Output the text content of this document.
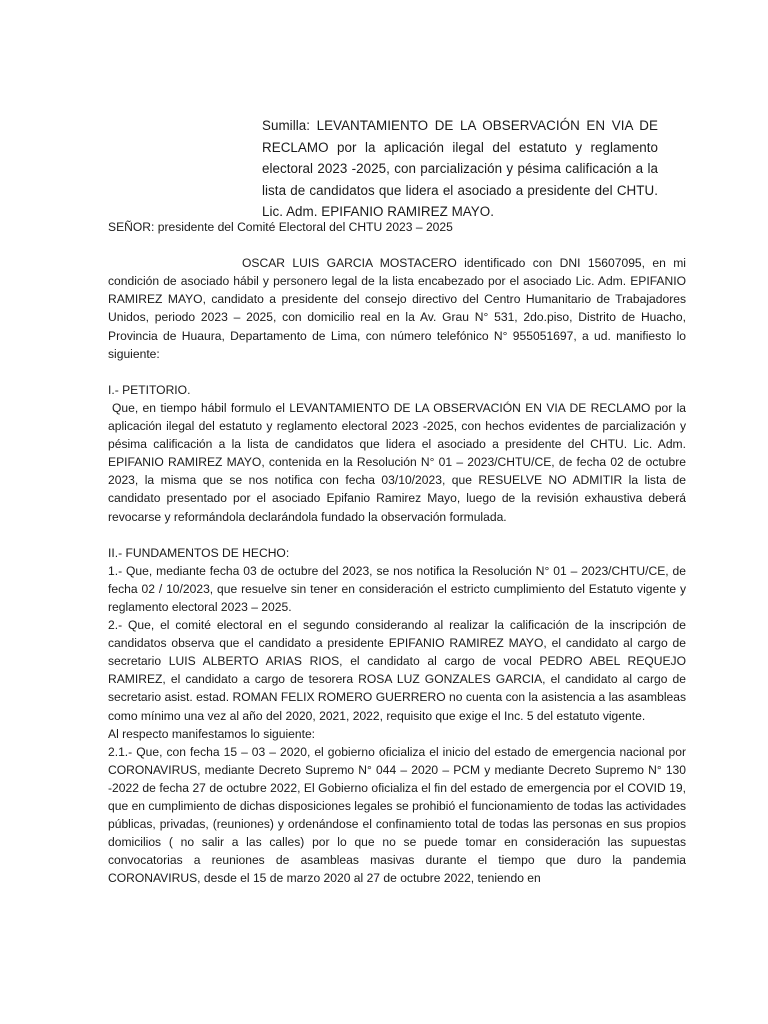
Sumilla: LEVANTAMIENTO DE LA OBSERVACIÓN EN VIA DE RECLAMO por la aplicación ilegal del estatuto y reglamento electoral 2023 -2025, con parcialización y pésima calificación a la lista de candidatos que lidera el asociado a presidente del CHTU. Lic. Adm. EPIFANIO RAMIREZ MAYO.

SEÑOR: presidente del Comité Electoral del CHTU 2023 – 2025

OSCAR LUIS GARCIA MOSTACERO identificado con DNI 15607095, en mi condición de asociado hábil y personero legal de la lista encabezado por el asociado Lic. Adm. EPIFANIO RAMIREZ MAYO, candidato a presidente del consejo directivo del Centro Humanitario de Trabajadores Unidos, periodo 2023 – 2025, con domicilio real en la Av. Grau N° 531, 2do.piso, Distrito de Huacho, Provincia de Huaura, Departamento de Lima, con número telefónico N° 955051697, a ud. manifiesto lo siguiente:

I.- PETITORIO.

Que, en tiempo hábil formulo el LEVANTAMIENTO DE LA OBSERVACIÓN EN VIA DE RECLAMO por la aplicación ilegal del estatuto y reglamento electoral 2023 -2025, con hechos evidentes de parcialización y pésima calificación a la lista de candidatos que lidera el asociado a presidente del CHTU. Lic. Adm. EPIFANIO RAMIREZ MAYO, contenida en la Resolución N° 01 – 2023/CHTU/CE, de fecha 02 de octubre 2023, la misma que se nos notifica con fecha 03/10/2023, que RESUELVE NO ADMITIR la lista de candidato presentado por el asociado Epifanio Ramirez Mayo, luego de la revisión exhaustiva deberá revocarse y reformándola declarándola fundado la observación formulada.

II.- FUNDAMENTOS DE HECHO:

1.- Que, mediante fecha 03 de octubre del 2023, se nos notifica la Resolución N° 01 – 2023/CHTU/CE, de fecha 02 / 10/2023, que resuelve sin tener en consideración el estricto cumplimiento del Estatuto vigente y reglamento electoral 2023 – 2025.

2.- Que, el comité electoral en el segundo considerando al realizar la calificación de la inscripción de candidatos observa que el candidato a presidente EPIFANIO RAMIREZ MAYO, el candidato al cargo de secretario LUIS ALBERTO ARIAS RIOS, el candidato al cargo de vocal PEDRO ABEL REQUEJO RAMIREZ, el candidato a cargo de tesorera ROSA LUZ GONZALES GARCIA, el candidato al cargo de secretario asist. estad. ROMAN FELIX ROMERO GUERRERO no cuenta con la asistencia a las asambleas como mínimo una vez al año del 2020, 2021, 2022, requisito que exige el Inc. 5 del estatuto vigente.

Al respecto manifestamos lo siguiente:

2.1.- Que, con fecha 15 – 03 – 2020, el gobierno oficializa el inicio del estado de emergencia nacional por CORONAVIRUS, mediante Decreto Supremo N° 044 – 2020 – PCM y mediante Decreto Supremo N° 130 -2022 de fecha 27 de octubre 2022, El Gobierno oficializa el fin del estado de emergencia por el COVID 19, que en cumplimiento de dichas disposiciones legales se prohibió el funcionamiento de todas las actividades públicas, privadas, (reuniones) y ordenándose el confinamiento total de todas las personas en sus propios domicilios ( no salir a las calles) por lo que no se puede tomar en consideración las supuestas convocatorias a reuniones de asambleas masivas durante el tiempo que duro la pandemia CORONAVIRUS, desde el 15 de marzo 2020 al 27 de octubre 2022, teniendo en
